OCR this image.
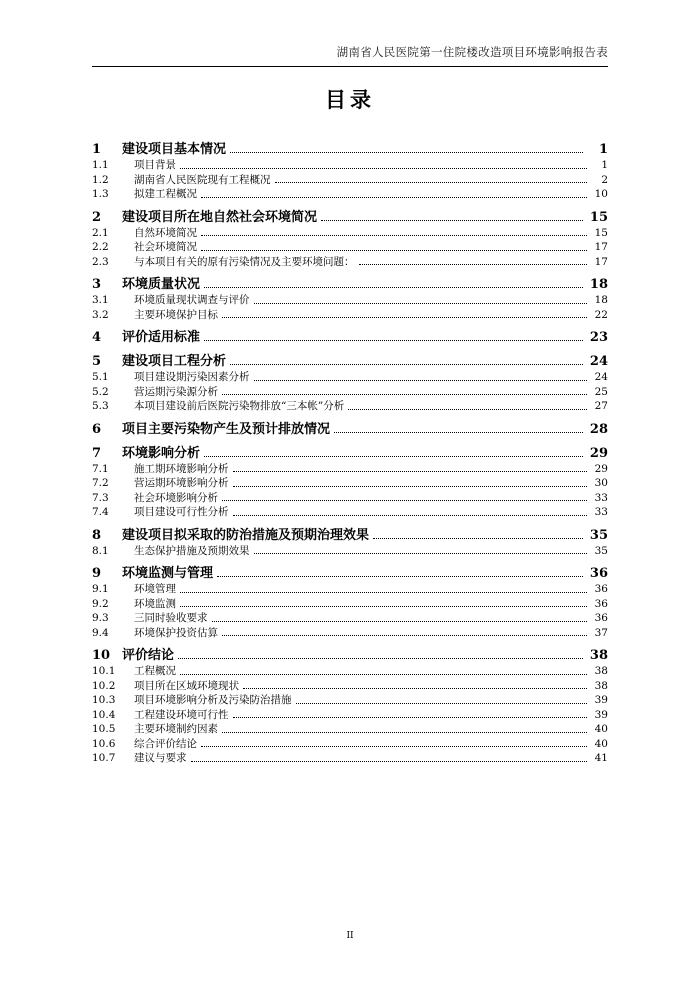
湖南省人民医院第一住院楼改造项目环境影响报告表
目录
1	建设项目基本情况	1
1.1	项目背景	1
1.2	湖南省人民医院现有工程概况	2
1.3	拟建工程概况	10
2	建设项目所在地自然社会环境简况	15
2.1	自然环境简况	15
2.2	社会环境简况	17
2.3	与本项目有关的原有污染情况及主要环境问题：	17
3	环境质量状况	18
3.1	环境质量现状调查与评价	18
3.2	主要环境保护目标	22
4	评价适用标准	23
5	建设项目工程分析	24
5.1	项目建设期污染因素分析	24
5.2	营运期污染源分析	25
5.3	本项目建设前后医院污染物排放“三本帐”分析	27
6	项目主要污染物产生及预计排放情况	28
7	环境影响分析	29
7.1	施工期环境影响分析	29
7.2	营运期环境影响分析	30
7.3	社会环境影响分析	33
7.4	项目建设可行性分析	33
8	建设项目拟采取的防治措施及预期治理效果	35
8.1	生态保护措施及预期效果	35
9	环境监测与管理	36
9.1	环境管理	36
9.2	环境监测	36
9.3	三同时验收要求	36
9.4	环境保护投资估算	37
10 评价结论	38
10.1	工程概况	38
10.2	项目所在区域环境现状	38
10.3	项目环境影响分析及污染防治措施	39
10.4	工程建设环境可行性	39
10.5	主要环境制约因素	40
10.6	综合评价结论	40
10.7	建议与要求	41
II
